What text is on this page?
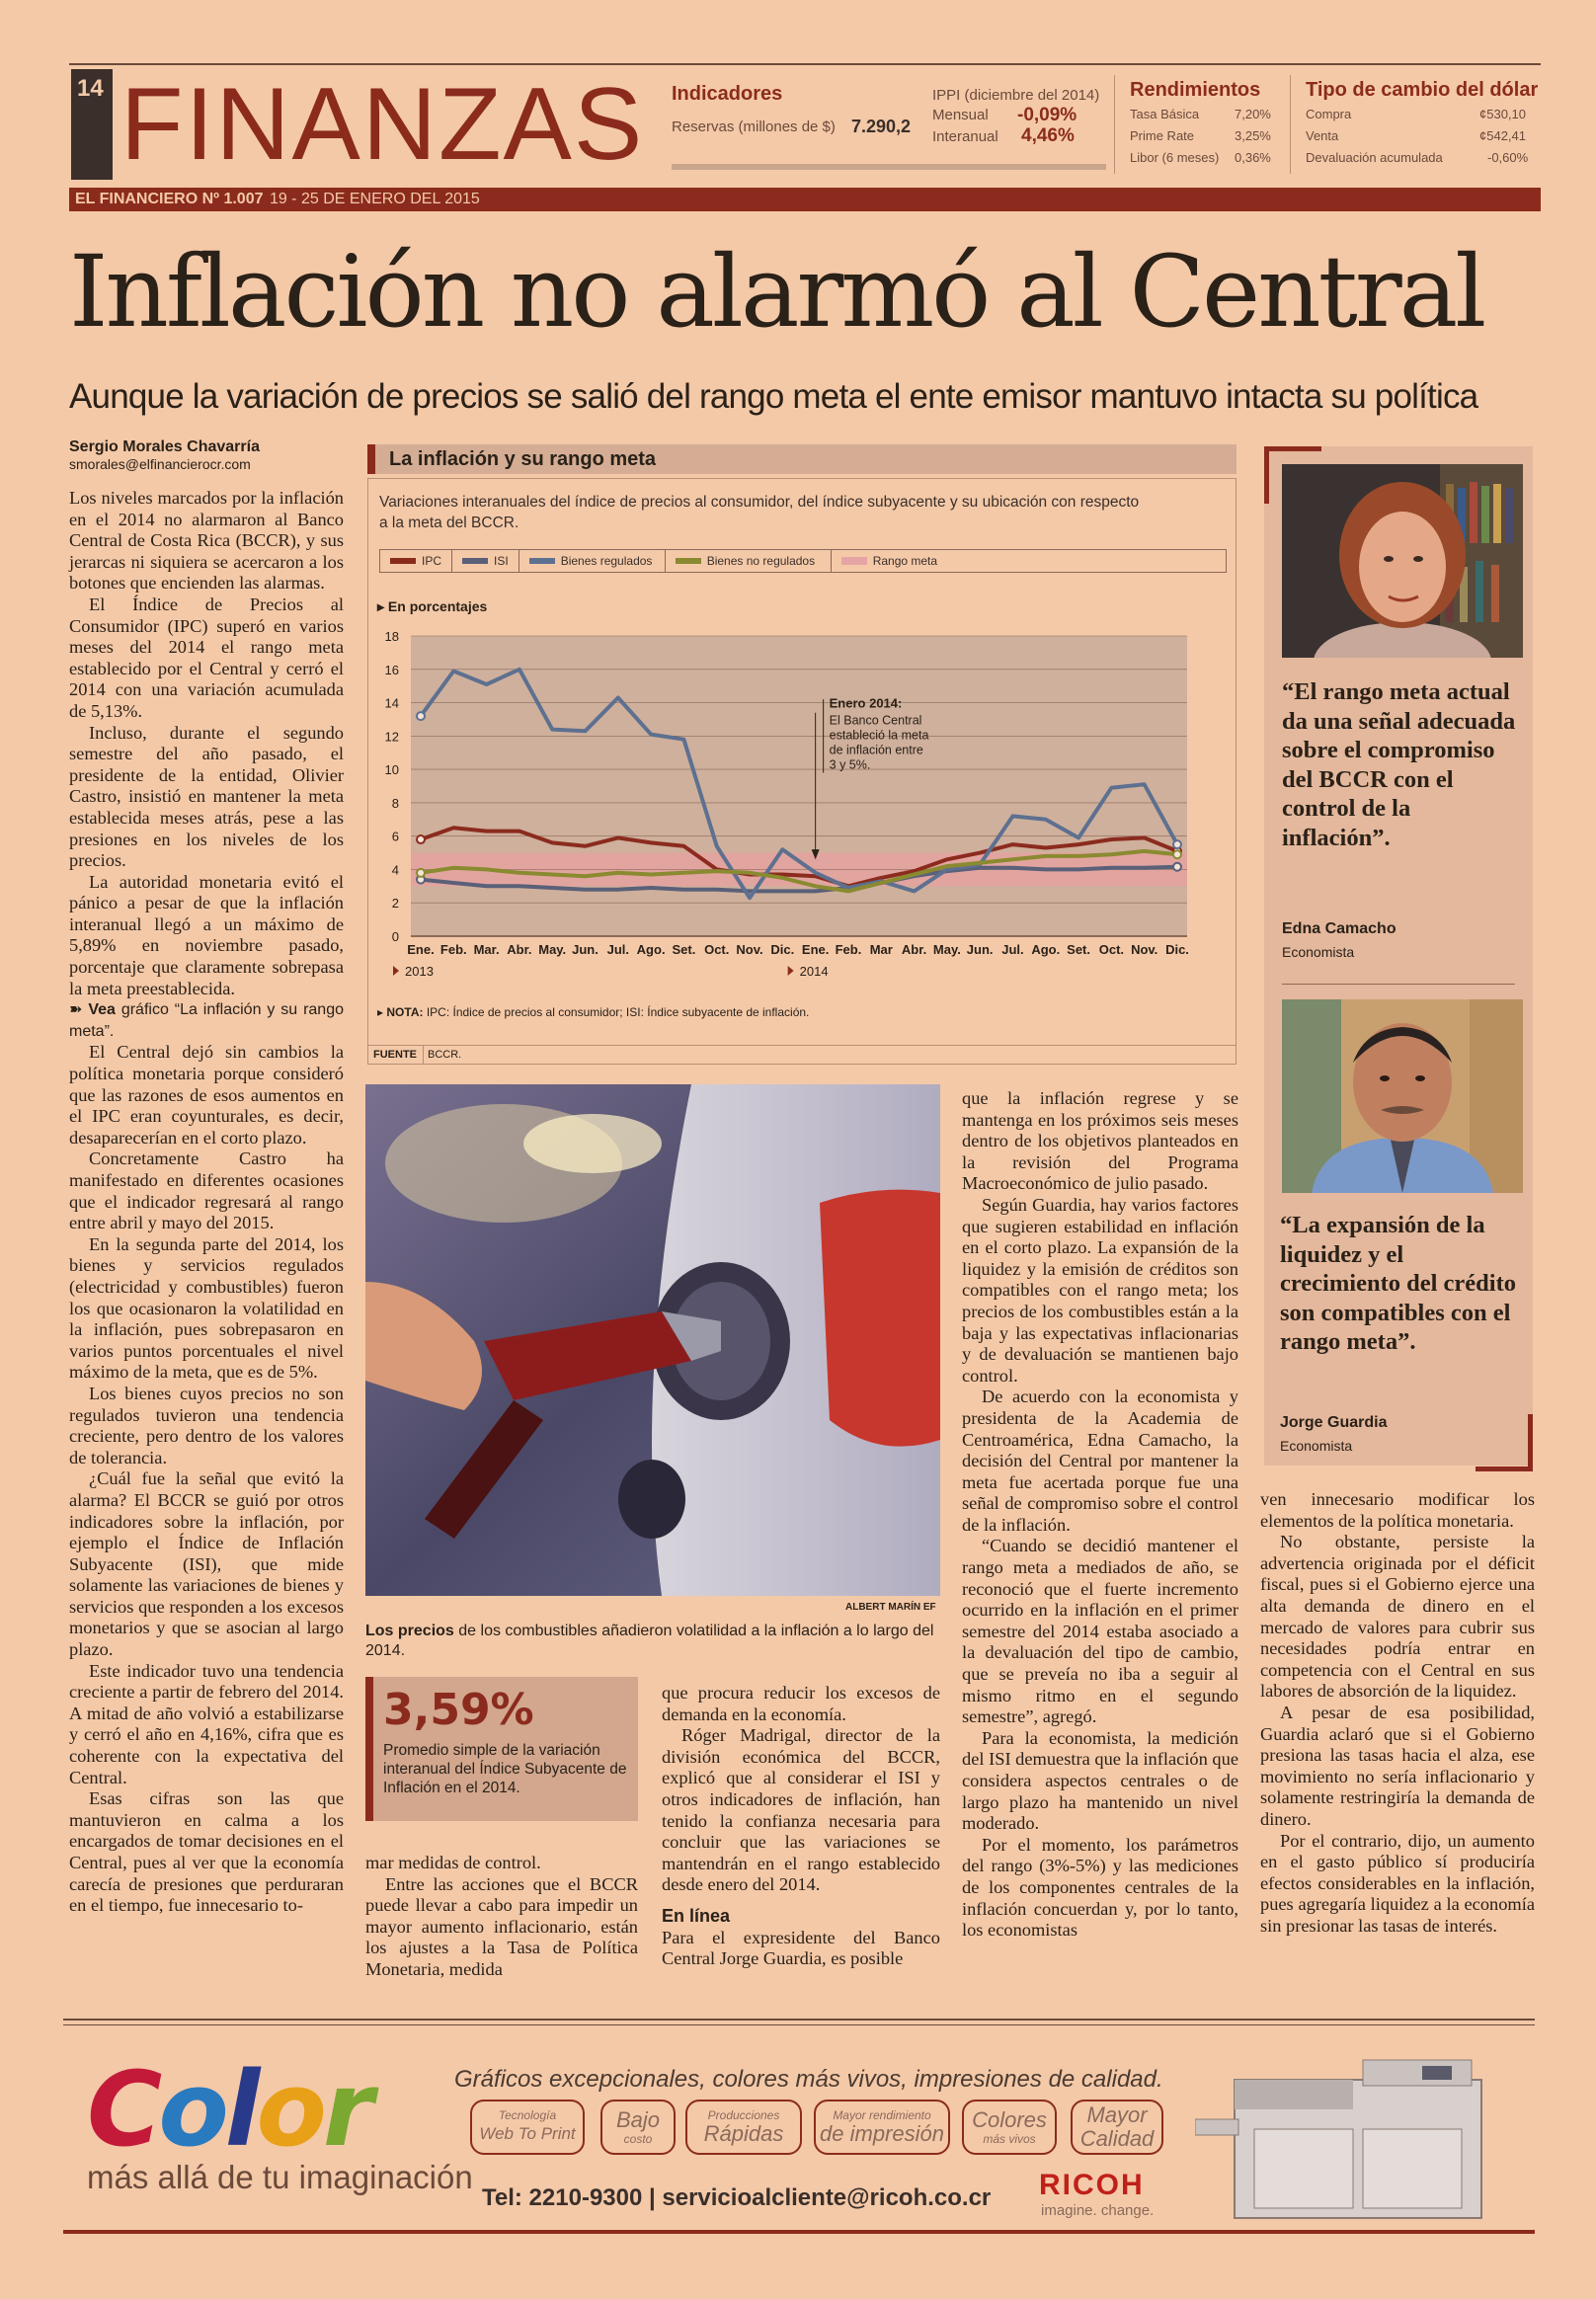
14 FINANZAS
EL FINANCIERO Nº 1.007 19 - 25 DE ENERO DEL 2015
Indicadores
Reservas (millones de $) 7.290,2
IPPI (diciembre del 2014)
Mensual -0,09%
Interanual 4,46%
Rendimientos
Tasa Básica	7,20%
Prime Rate	3,25%
Libor (6 meses) 0,36%
Tipo de cambio del dólar
Compra	¢530,10
Venta	¢542,41
Devaluación acumulada	-0,60%
Inflación no alarmó al Central
Aunque la variación de precios se salió del rango meta el ente emisor mantuvo intacta su política
Sergio Morales Chavarría
smorales@elfinancierocr.com

Los niveles marcados por la inflación en el 2014 no alarmaron al Banco Central de Costa Rica (BCCR), y sus jerarcas ni siquiera se acercaron a los botones que encienden las alarmas.

El Índice de Precios al Consumidor (IPC) superó en varios meses del 2014 el rango meta establecido por el Central y cerró el 2014 con una variación acumulada de 5,13%.

Incluso, durante el segundo semestre del año pasado, el presidente de la entidad, Olivier Castro, insistió en mantener la meta establecida meses atrás, pese a las presiones en los niveles de los precios.

La autoridad monetaria evitó el pánico a pesar de que la inflación interanual llegó a un máximo de 5,89% en noviembre pasado, porcentaje que claramente sobrepasa la meta preestablecida.

➽ Vea gráfico “La inflación y su rango meta”.

El Central dejó sin cambios la política monetaria porque consideró que las razones de esos aumentos en el IPC eran coyunturales, es decir, desaparecerían en el corto plazo.

Concretamente Castro ha manifestado en diferentes ocasiones que el indicador regresará al rango entre abril y mayo del 2015.

En la segunda parte del 2014, los bienes y servicios regulados (electricidad y combustibles) fueron los que ocasionaron la volatilidad en la inflación, pues sobrepasaron en varios puntos porcentuales el nivel máximo de la meta, que es de 5%.

Los bienes cuyos precios no son regulados tuvieron una tendencia creciente, pero dentro de los valores de tolerancia.

¿Cuál fue la señal que evitó la alarma? El BCCR se guió por otros indicadores sobre la inflación, por ejemplo el Índice de Inflación Subyacente (ISI), que mide solamente las variaciones de bienes y servicios que responden a los excesos monetarios y que se asocian al largo plazo.

Este indicador tuvo una tendencia creciente a partir de febrero del 2014. A mitad de año volvió a estabilizarse y cerró el año en 4,16%, cifra que es coherente con la expectativa del Central.

Esas cifras son las que mantuvieron en calma a los encargados de tomar decisiones en el Central, pues al ver que la economía carecía de presiones que perduraran en el tiempo, fue innecesario to-

La inflación y su rango meta
Variaciones interanuales del índice de precios al consumidor, del índice subyacente y su ubicación con respecto a la meta del BCCR.
IPC	ISI	Bienes regulados	Bienes no regulados	Rango meta
▸ En porcentajes
0
2
4
6
8
10
12
14
16
18
Ene. Feb. Mar. Abr. May. Jun. Jul. Ago. Set. Oct. Nov. Dic. Ene. Feb. Mar Abr. May. Jun. Jul. Ago. Set. Oct. Nov. Dic.
2013	2014
Enero 2014:
El Banco Central estableció la meta de inflación entre 3 y 5%.
▸ NOTA: IPC: Índice de precios al consumidor; ISI: Índice subyacente de inflación.
FUENTE BCCR.
ALBERT MARÍN EF
Los precios de los combustibles añadieron volatilidad a la inflación a lo largo del 2014.
3,59%
Promedio simple de la variación interanual del Índice Subyacente de Inflación en el 2014.

mar medidas de control.

Entre las acciones que el BCCR puede llevar a cabo para impedir un mayor aumento inflacionario, están los ajustes a la Tasa de Política Monetaria, medida

que procura reducir los excesos de demanda en la economía.

Róger Madrigal, director de la división económica del BCCR, explicó que al considerar el ISI y otros indicadores de inflación, han tenido la confianza necesaria para concluir que las variaciones se mantendrán en el rango establecido desde enero del 2014.

En línea

Para el expresidente del Banco Central Jorge Guardia, es posible

que la inflación regrese y se mantenga en los próximos seis meses dentro de los objetivos planteados en la revisión del Programa Macroeconómico de julio pasado.

Según Guardia, hay varios factores que sugieren estabilidad en inflación en el corto plazo. La expansión de la liquidez y la emisión de créditos son compatibles con el rango meta; los precios de los combustibles están a la baja y las expectativas inflacionarias y de devaluación se mantienen bajo control.

De acuerdo con la economista y presidenta de la Academia de Centroamérica, Edna Camacho, la decisión del Central por mantener la meta fue acertada porque fue una señal de compromiso sobre el control de la inflación.

“Cuando se decidió mantener el rango meta a mediados de año, se reconoció que el fuerte incremento ocurrido en la inflación en el primer semestre del 2014 estaba asociado a la devaluación del tipo de cambio, que se preveía no iba a seguir al mismo ritmo en el segundo semestre”, agregó.

Para la economista, la medición del ISI demuestra que la inflación que considera aspectos centrales o de largo plazo ha mantenido un nivel moderado.

Por el momento, los parámetros del rango (3%-5%) y las mediciones de los componentes centrales de la inflación concuerdan y, por lo tanto, los economistas

“El rango meta actual da una señal adecuada sobre el compromiso del BCCR con el control de la inflación”.
Edna Camacho
Economista
“La expansión de la liquidez y el crecimiento del crédito son compatibles con el rango meta”.
Jorge Guardia
Economista

ven innecesario modificar los elementos de la política monetaria.

No obstante, persiste la advertencia originada por el déficit fiscal, pues si el Gobierno ejerce una alta demanda de dinero en el mercado de valores para cubrir sus necesidades podría entrar en competencia con el Central en sus labores de absorción de la liquidez.

A pesar de esa posibilidad, Guardia aclaró que si el Gobierno presiona las tasas hacia el alza, ese movimiento no sería inflacionario y solamente restringiría la demanda de dinero.

Por el contrario, dijo, un aumento en el gasto público sí produciría efectos considerables en la inflación, pues agregaría liquidez a la economía sin presionar las tasas de interés.

Color
más allá de tu imaginación
Gráficos excepcionales, colores más vivos, impresiones de calidad.
Tecnología
Web To Print
Bajo
costo
Producciones
Rápidas
Mayor rendimiento
de impresión
Colores
más vivos
Mayor
Calidad
Tel: 2210-9300 | servicioalcliente@ricoh.co.cr RICOH
imagine. change.
